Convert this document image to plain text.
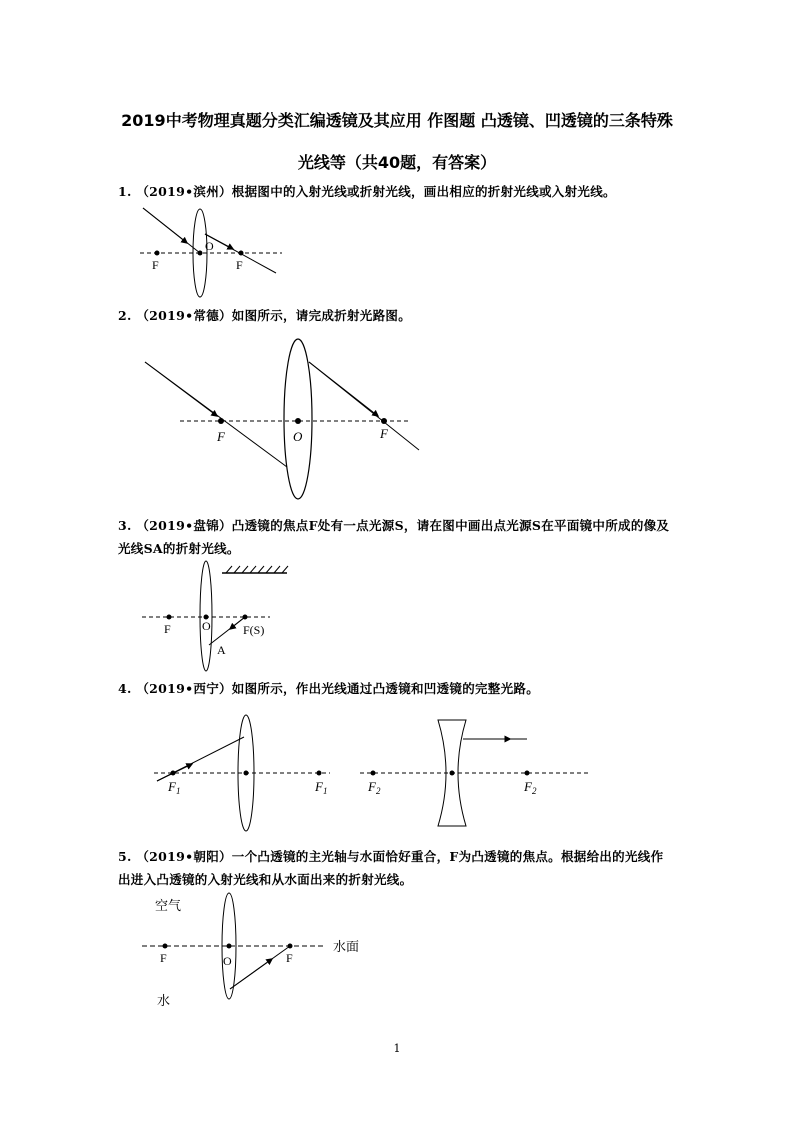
2019中考物理真题分类汇编透镜及其应用 作图题 凸透镜、凹透镜的三条特殊
光线等（共40题，有答案）
1. （2019•滨州）根据图中的入射光线或折射光线，画出相应的折射光线或入射光线。
2. （2019•常德）如图所示，请完成折射光路图。
3. （2019•盘锦）凸透镜的焦点F处有一点光源S，请在图中画出点光源S在平面镜中所成的像及光线SA的折射光线。
4. （2019•西宁）如图所示，作出光线通过凸透镜和凹透镜的完整光路。
5. （2019•朝阳）一个凸透镜的主光轴与水面恰好重合，F为凸透镜的焦点。根据给出的光线作出进入凸透镜的入射光线和从水面出来的折射光线。
F
O
F
F	O	F
F	O	F(S)
A
$F_1$	$F_1$	$F_2$	$F_2$
空气
水面
水
F	O	F
1
